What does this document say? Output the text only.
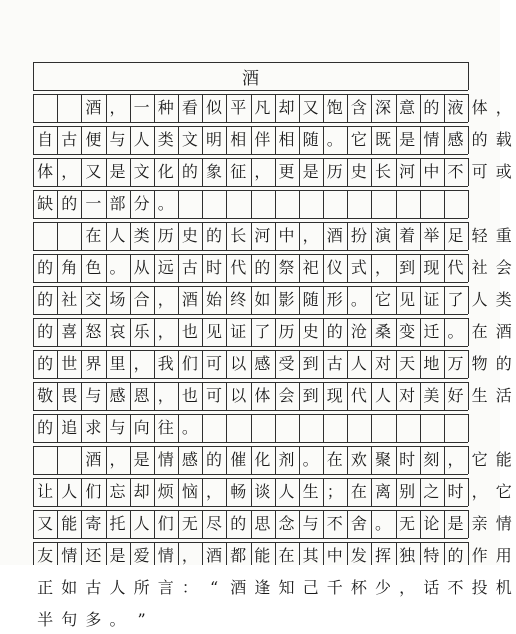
酒
酒 ， 一 种 看 似 平 凡 却 又 饱 含 深 意 的 液 体 ，
自 古 便 与 人 类 文 明 相 伴 相 随 。 它 既 是 情 感 的 载
体 ， 又 是 文 化 的 象 征 ， 更 是 历 史 长 河 中 不 可 或
缺 的 一 部 分 。
在 人 类 历 史 的 长 河 中 ， 酒 扮 演 着 举 足 轻 重
的 角 色 。 从 远 古 时 代 的 祭 祀 仪 式 ， 到 现 代 社 会
的 社 交 场 合 ， 酒 始 终 如 影 随 形 。 它 见 证 了 人 类
的 喜 怒 哀 乐 ， 也 见 证 了 历 史 的 沧 桑 变 迁 。 在 酒
的 世 界 里 ， 我 们 可 以 感 受 到 古 人 对 天 地 万 物 的
敬 畏 与 感 恩 ， 也 可 以 体 会 到 现 代 人 对 美 好 生 活
的 追 求 与 向 往 。
酒 ， 是 情 感 的 催 化 剂 。 在 欢 聚 时 刻 ， 它 能
让 人 们 忘 却 烦 恼 ， 畅 谈 人 生 ； 在 离 别 之 时 ， 它
又 能 寄 托 人 们 无 尽 的 思 念 与 不 舍 。 无 论 是 亲 情
友 情 还 是 爱 情 ， 酒 都 能 在 其 中 发 挥 独 特 的 作 用
正 如 古 人 所 言 ： “ 酒 逢 知 己 千 杯 少 ， 话 不 投 机
半 句 多 。 ”
